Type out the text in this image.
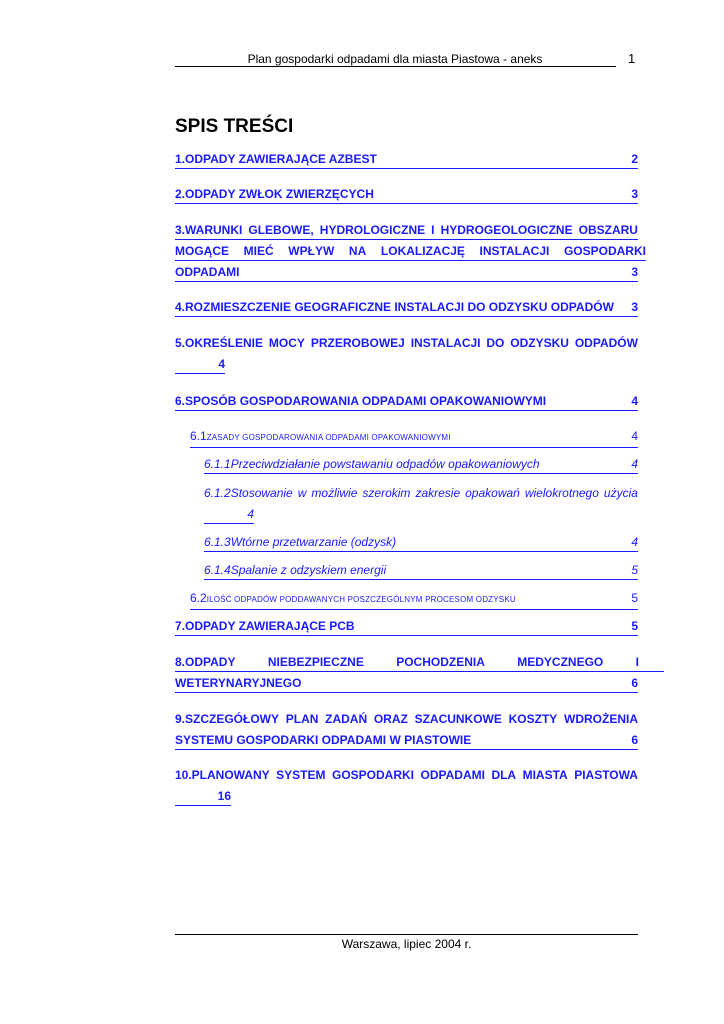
Plan gospodarki odpadami dla miasta Piastowa - aneks	1
SPIS TREŚCI
1.ODPADY ZAWIERAJĄCE AZBEST	2
2.ODPADY ZWŁOK ZWIERZĘCYCH	3
3.WARUNKI GLEBOWE, HYDROLOGICZNE I HYDROGEOLOGICZNE OBSZARU
MOGĄCE MIEĆ WPŁYW NA LOKALIZACJĘ INSTALACJI GOSPODARKI
ODPADAMI	3
4.ROZMIESZCZENIE GEOGRAFICZNE INSTALACJI DO ODZYSKU ODPADÓW 3
5.OKREŚLENIE MOCY PRZEROBOWEJ INSTALACJI DO ODZYSKU ODPADÓW
4
6.SPOSÓB GOSPODAROWANIA ODPADAMI OPAKOWANIOWYMI	4
6.1ZASADY GOSPODAROWANIA ODPADAMI OPAKOWANIOWYMI	4
6.1.1Przeciwdziałanie powstawaniu odpadów opakowaniowych	4
6.1.2Stosowanie w możliwie szerokim zakresie opakowań wielokrotnego użycia
4
6.1.3Wtórne przetwarzanie (odzysk)	4
6.1.4Spalanie z odzyskiem energii	5
6.2ILOŚĆ ODPADÓW PODDAWANYCH POSZCZEGÓLNYM PROCESOM ODZYSKU	5
7.ODPADY ZAWIERAJĄCE PCB	5
8.ODPADY	NIEBEZPIECZNE	POCHODZENIA	MEDYCZNEGO	I
WETERYNARYJNEGO	6
9.SZCZEGÓŁOWY PLAN ZADAŃ ORAZ SZACUNKOWE KOSZTY WDROŻENIA
SYSTEMU GOSPODARKI ODPADAMI W PIASTOWIE	6
10.PLANOWANY SYSTEM GOSPODARKI ODPADAMI DLA MIASTA PIASTOWA
16
Warszawa, lipiec 2004 r.
